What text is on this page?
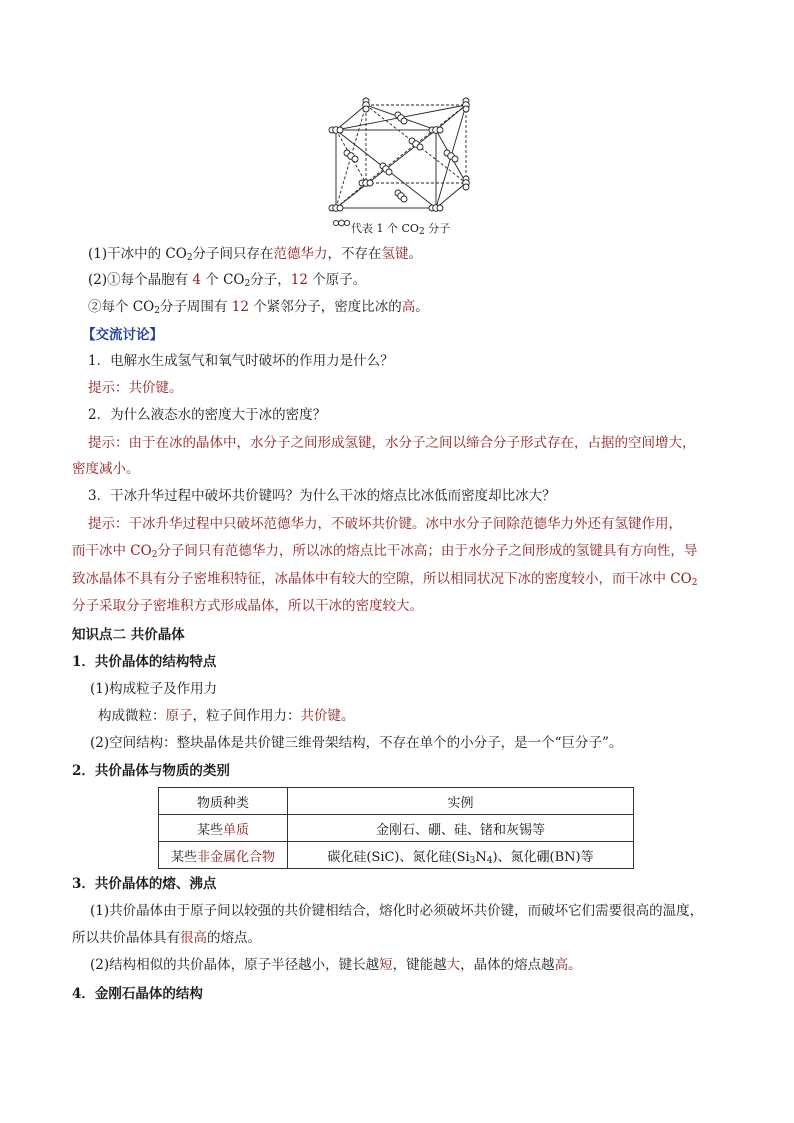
代表 1 个 $CO_2$ 分子
(1)干冰中的 $CO_2$分子间只存在范德华力，不存在氢键。
(2)①每个晶胞有 4 个 $CO_2$分子，12 个原子。
②每个 $CO_2$分子周围有 12 个紧邻分子，密度比冰的高。
【交流讨论】
1．电解水生成氢气和氧气时破坏的作用力是什么？
提示：共价键。
2．为什么液态水的密度大于冰的密度？
提示：由于在冰的晶体中，水分子之间形成氢键，水分子之间以缔合分子形式存在，占据的空间增大，
密度减小。
3．干冰升华过程中破坏共价键吗？为什么干冰的熔点比冰低而密度却比冰大？
提示：干冰升华过程中只破坏范德华力，不破坏共价键。冰中水分子间除范德华力外还有氢键作用，
而干冰中 $CO_2$分子间只有范德华力，所以冰的熔点比干冰高；由于水分子之间形成的氢键具有方向性，导
致冰晶体不具有分子密堆积特征，冰晶体中有较大的空隙，所以相同状况下冰的密度较小，而干冰中 $CO_2$
分子采取分子密堆积方式形成晶体，所以干冰的密度较大。
知识点二 共价晶体
1．共价晶体的结构特点
(1)构成粒子及作用力
构成微粒：原子，粒子间作用力：共价键。
(2)空间结构：整块晶体是共价键三维骨架结构，不存在单个的小分子，是一个“巨分子”。
2．共价晶体与物质的类别
物质种类	实例
某些单质	金刚石、硼、硅、锗和灰锡等
某些非金属化合物	碳化硅(SiC)、氮化硅$(Si_3N_4)$、氮化硼(BN)等
3．共价晶体的熔、沸点
(1)共价晶体由于原子间以较强的共价键相结合，熔化时必须破坏共价键，而破坏它们需要很高的温度，
所以共价晶体具有很高的熔点。
(2)结构相似的共价晶体，原子半径越小，键长越短，键能越大，晶体的熔点越高。
4．金刚石晶体的结构
